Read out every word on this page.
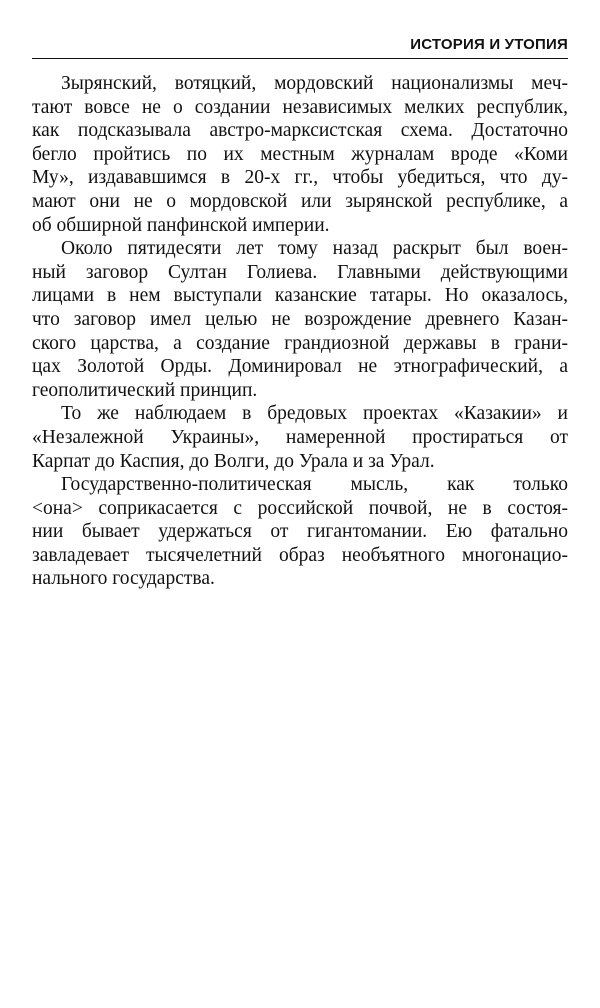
ИСТОРИЯ И УТОПИЯ

Зырянский, вотяцкий, мордовский национализмы меч-
тают вовсе не о создании независимых мелких республик,
как подсказывала австро-марксистская схема. Достаточно
бегло пройтись по их местным журналам вроде «Коми
Му», издававшимся в 20-х гг., чтобы убедиться, что ду-
мают они не о мордовской или зырянской республике, а
об обширной панфинской империи.

Около пятидесяти лет тому назад раскрыт был воен-
ный заговор Султан Голиева. Главными действующими
лицами в нем выступали казанские татары. Но оказалось,
что заговор имел целью не возрождение древнего Казан-
ского царства, а создание грандиозной державы в грани-
цах Золотой Орды. Доминировал не этнографический, а
геополитический принцип.

То же наблюдаем в бредовых проектах «Казакии» и
«Незалежной Украины», намеренной простираться от
Карпат до Каспия, до Волги, до Урала и за Урал.

Государственно-политическая мысль, как только
<она> соприкасается с российской почвой, не в состоя-
нии бывает удержаться от гигантомании. Ею фатально
завладевает тысячелетний образ необъятного многонацио-
нального государства.
